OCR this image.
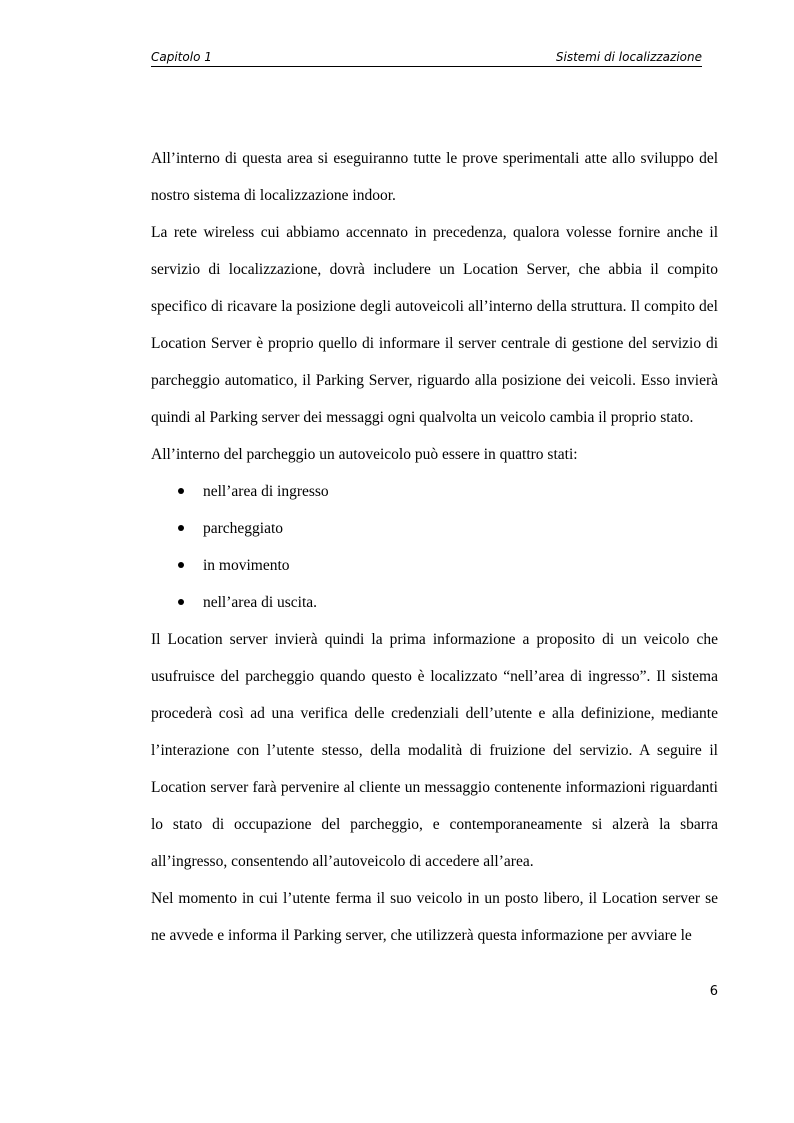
Capitolo 1	Sistemi di localizzazione

All’interno di questa area si eseguiranno tutte le prove sperimentali atte allo sviluppo del nostro sistema di localizzazione indoor.

La rete wireless cui abbiamo accennato in precedenza, qualora volesse fornire anche il servizio di localizzazione, dovrà includere un Location Server, che abbia il compito specifico di ricavare la posizione degli autoveicoli all’interno della struttura. Il compito del Location Server è proprio quello di informare il server centrale di gestione del servizio di parcheggio automatico, il Parking Server, riguardo alla posizione dei veicoli. Esso invierà quindi al Parking server dei messaggi ogni qualvolta un veicolo cambia il proprio stato.

All’interno del parcheggio un autoveicolo può essere in quattro stati:

nell’area di ingresso
parcheggiato
in movimento
nell’area di uscita.

Il Location server invierà quindi la prima informazione a proposito di un veicolo che usufruisce del parcheggio quando questo è localizzato “nell’area di ingresso”. Il sistema procederà così ad una verifica delle credenziali dell’utente e alla definizione, mediante l’interazione con l’utente stesso, della modalità di fruizione del servizio. A seguire il Location server farà pervenire al cliente un messaggio contenente informazioni riguardanti lo stato di occupazione del parcheggio, e contemporaneamente si alzerà la sbarra all’ingresso, consentendo all’autoveicolo di accedere all’area.

Nel momento in cui l’utente ferma il suo veicolo in un posto libero, il Location server se ne avvede e informa il Parking server, che utilizzerà questa informazione per avviare le

6
